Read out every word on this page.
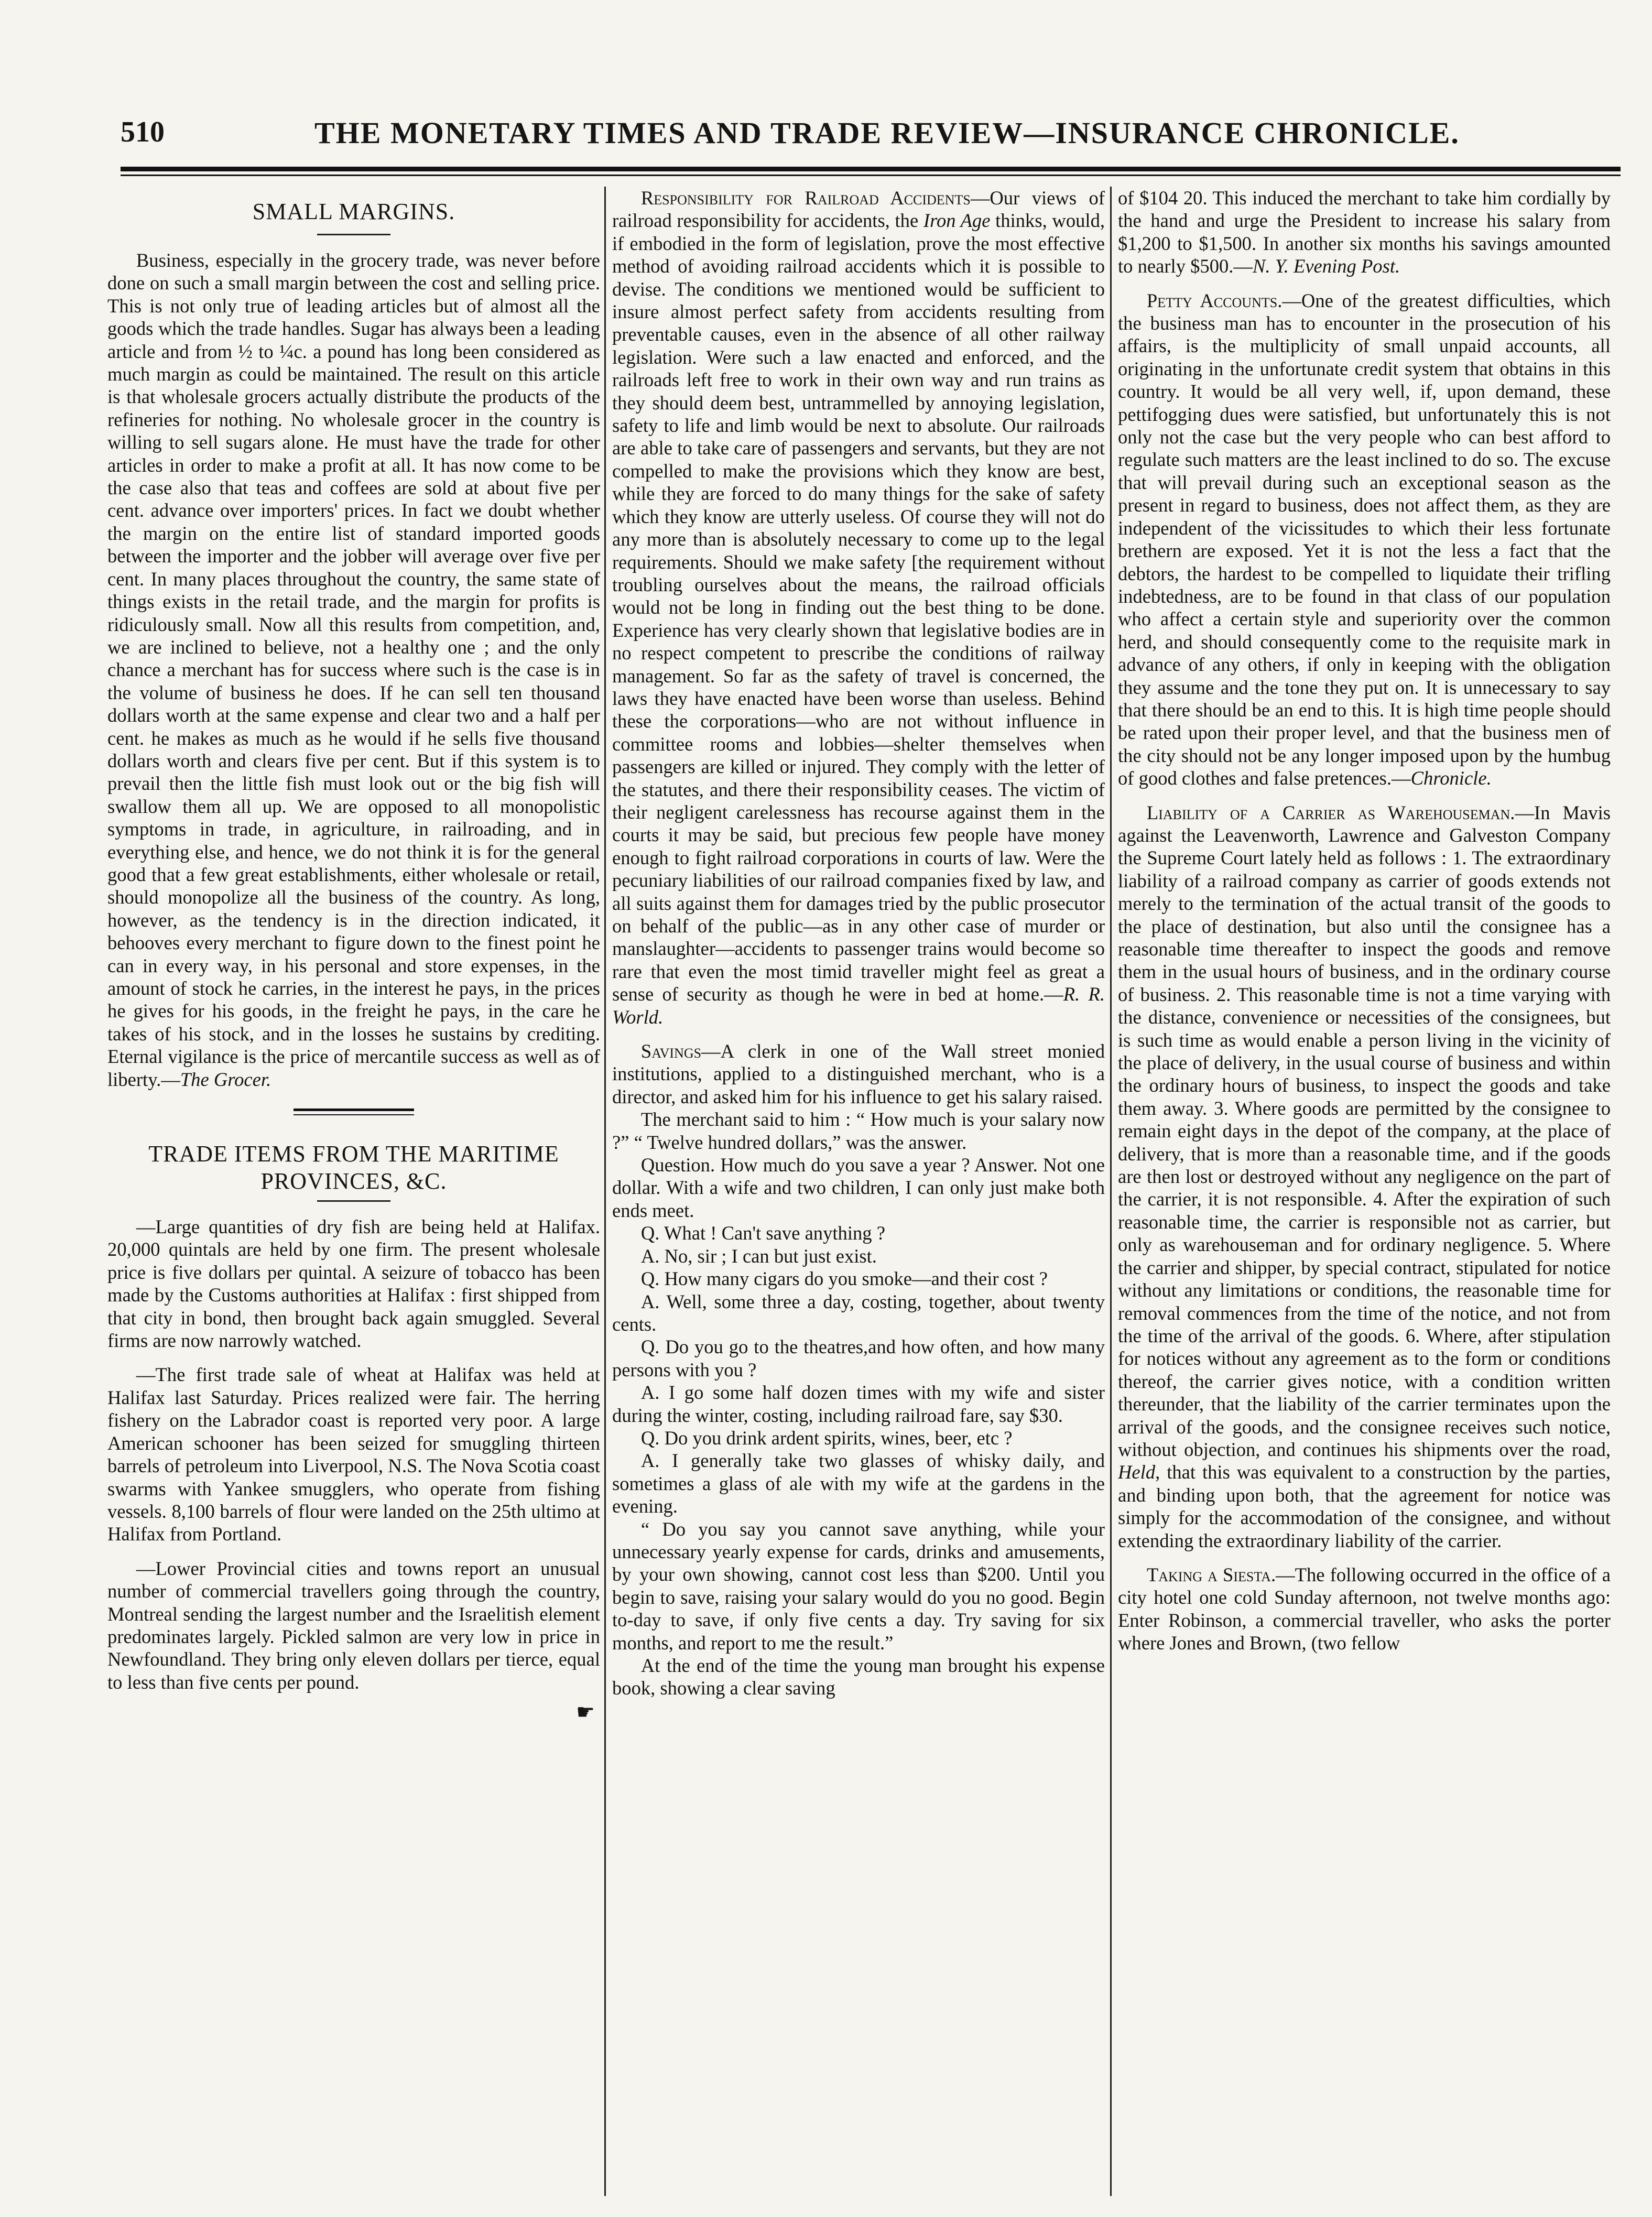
510	THE MONETARY TIMES AND TRADE REVIEW—INSURANCE CHRONICLE.
SMALL MARGINS.

Business, especially in the grocery trade, was never before done on such a small margin between the cost and selling price. This is not only true of leading articles but of almost all the goods which the trade handles. Sugar has always been a leading article and from ½ to ¼c. a pound has long been considered as much margin as could be maintained. The result on this article is that wholesale grocers actually distribute the products of the refineries for nothing. No wholesale grocer in the country is willing to sell sugars alone. He must have the trade for other articles in order to make a profit at all. It has now come to be the case also that teas and coffees are sold at about five per cent. advance over importers' prices. In fact we doubt whether the margin on the entire list of standard imported goods between the importer and the jobber will average over five per cent. In many places throughout the country, the same state of things exists in the retail trade, and the margin for profits is ridiculously small. Now all this results from competition, and, we are inclined to believe, not a healthy one ; and the only chance a merchant has for success where such is the case is in the volume of business he does. If he can sell ten thousand dollars worth at the same expense and clear two and a half per cent. he makes as much as he would if he sells five thousand dollars worth and clears five per cent. But if this system is to prevail then the little fish must look out or the big fish will swallow them all up. We are opposed to all monopolistic symptoms in trade, in agriculture, in railroading, and in everything else, and hence, we do not think it is for the general good that a few great establishments, either wholesale or retail, should monopolize all the business of the country. As long, however, as the tendency is in the direction indicated, it behooves every merchant to figure down to the finest point he can in every way, in his personal and store expenses, in the amount of stock he carries, in the interest he pays, in the prices he gives for his goods, in the freight he pays, in the care he takes of his stock, and in the losses he sustains by crediting. Eternal vigilance is the price of mercantile success as well as of liberty.—The Grocer.

TRADE ITEMS FROM THE MARITIME PROVINCES, &C.

—Large quantities of dry fish are being held at Halifax. 20,000 quintals are held by one firm. The present wholesale price is five dollars per quintal. A seizure of tobacco has been made by the Customs authorities at Halifax : first shipped from that city in bond, then brought back again smuggled. Several firms are now narrowly watched.

—The first trade sale of wheat at Halifax was held at Halifax last Saturday. Prices realized were fair. The herring fishery on the Labrador coast is reported very poor. A large American schooner has been seized for smuggling thirteen barrels of petroleum into Liverpool, N.S. The Nova Scotia coast swarms with Yankee smugglers, who operate from fishing vessels. 8,100 barrels of flour were landed on the 25th ultimo at Halifax from Portland.

—Lower Provincial cities and towns report an unusual number of commercial travellers going through the country, Montreal sending the largest number and the Israelitish element predominates largely. Pickled salmon are very low in price in Newfoundland. They bring only eleven dollars per tierce, equal to less than five cents per pound.

☛

Responsibility for Railroad Accidents—Our views of railroad responsibility for accidents, the Iron Age thinks, would, if embodied in the form of legislation, prove the most effective method of avoiding railroad accidents which it is possible to devise. The conditions we mentioned would be sufficient to insure almost perfect safety from accidents resulting from preventable causes, even in the absence of all other railway legislation. Were such a law enacted and enforced, and the railroads left free to work in their own way and run trains as they should deem best, untrammelled by annoying legislation, safety to life and limb would be next to absolute. Our railroads are able to take care of passengers and servants, but they are not compelled to make the provisions which they know are best, while they are forced to do many things for the sake of safety which they know are utterly useless. Of course they will not do any more than is absolutely necessary to come up to the legal requirements. Should we make safety [the requirement without troubling ourselves about the means, the railroad officials would not be long in finding out the best thing to be done. Experience has very clearly shown that legislative bodies are in no respect competent to prescribe the conditions of railway management. So far as the safety of travel is concerned, the laws they have enacted have been worse than useless. Behind these the corporations—who are not without influence in committee rooms and lobbies—shelter themselves when passengers are killed or injured. They comply with the letter of the statutes, and there their responsibility ceases. The victim of their negligent carelessness has recourse against them in the courts it may be said, but precious few people have money enough to fight railroad corporations in courts of law. Were the pecuniary liabilities of our railroad companies fixed by law, and all suits against them for damages tried by the public prosecutor on behalf of the public—as in any other case of murder or manslaughter—accidents to passenger trains would become so rare that even the most timid traveller might feel as great a sense of security as though he were in bed at home.—R. R. World.

Savings—A clerk in one of the Wall street monied institutions, applied to a distinguished merchant, who is a director, and asked him for his influence to get his salary raised.

The merchant said to him : “ How much is your salary now ?” “ Twelve hundred dollars,” was the answer.

Question. How much do you save a year ? Answer. Not one dollar. With a wife and two children, I can only just make both ends meet.

Q. What ! Can't save anything ?

A. No, sir ; I can but just exist.

Q. How many cigars do you smoke—and their cost ?

A. Well, some three a day, costing, together, about twenty cents.

Q. Do you go to the theatres,and how often, and how many persons with you ?

A. I go some half dozen times with my wife and sister during the winter, costing, including railroad fare, say $30.

Q. Do you drink ardent spirits, wines, beer, etc ?

A. I generally take two glasses of whisky daily, and sometimes a glass of ale with my wife at the gardens in the evening.

“ Do you say you cannot save anything, while your unnecessary yearly expense for cards, drinks and amusements, by your own showing, cannot cost less than $200. Until you begin to save, raising your salary would do you no good. Begin to-day to save, if only five cents a day. Try saving for six months, and report to me the result.”

At the end of the time the young man brought his expense book, showing a clear saving

of $104 20. This induced the merchant to take him cordially by the hand and urge the President to increase his salary from $1,200 to $1,500. In another six months his savings amounted to nearly $500.—N. Y. Evening Post.

Petty Accounts.—One of the greatest difficulties, which the business man has to encounter in the prosecution of his affairs, is the multiplicity of small unpaid accounts, all originating in the unfortunate credit system that obtains in this country. It would be all very well, if, upon demand, these pettifogging dues were satisfied, but unfortunately this is not only not the case but the very people who can best afford to regulate such matters are the least inclined to do so. The excuse that will prevail during such an exceptional season as the present in regard to business, does not affect them, as they are independent of the vicissitudes to which their less fortunate brethern are exposed. Yet it is not the less a fact that the debtors, the hardest to be compelled to liquidate their trifling indebtedness, are to be found in that class of our population who affect a certain style and superiority over the common herd, and should consequently come to the requisite mark in advance of any others, if only in keeping with the obligation they assume and the tone they put on. It is unnecessary to say that there should be an end to this. It is high time people should be rated upon their proper level, and that the business men of the city should not be any longer imposed upon by the humbug of good clothes and false pretences.—Chronicle.

Liability of a Carrier as Warehouseman.—In Mavis against the Leavenworth, Lawrence and Galveston Company the Supreme Court lately held as follows : 1. The extraordinary liability of a railroad company as carrier of goods extends not merely to the termination of the actual transit of the goods to the place of destination, but also until the consignee has a reasonable time thereafter to inspect the goods and remove them in the usual hours of business, and in the ordinary course of business. 2. This reasonable time is not a time varying with the distance, convenience or necessities of the consignees, but is such time as would enable a person living in the vicinity of the place of delivery, in the usual course of business and within the ordinary hours of business, to inspect the goods and take them away. 3. Where goods are permitted by the consignee to remain eight days in the depot of the company, at the place of delivery, that is more than a reasonable time, and if the goods are then lost or destroyed without any negligence on the part of the carrier, it is not responsible. 4. After the expiration of such reasonable time, the carrier is responsible not as carrier, but only as warehouseman and for ordinary negligence. 5. Where the carrier and shipper, by special contract, stipulated for notice without any limitations or conditions, the reasonable time for removal commences from the time of the notice, and not from the time of the arrival of the goods. 6. Where, after stipulation for notices without any agreement as to the form or conditions thereof, the carrier gives notice, with a condition written thereunder, that the liability of the carrier terminates upon the arrival of the goods, and the consignee receives such notice, without objection, and continues his shipments over the road, Held, that this was equivalent to a construction by the parties, and binding upon both, that the agreement for notice was simply for the accommodation of the consignee, and without extending the extraordinary liability of the carrier.

Taking a Siesta.—The following occurred in the office of a city hotel one cold Sunday afternoon, not twelve months ago: Enter Robinson, a commercial traveller, who asks the porter where Jones and Brown, (two fellow
